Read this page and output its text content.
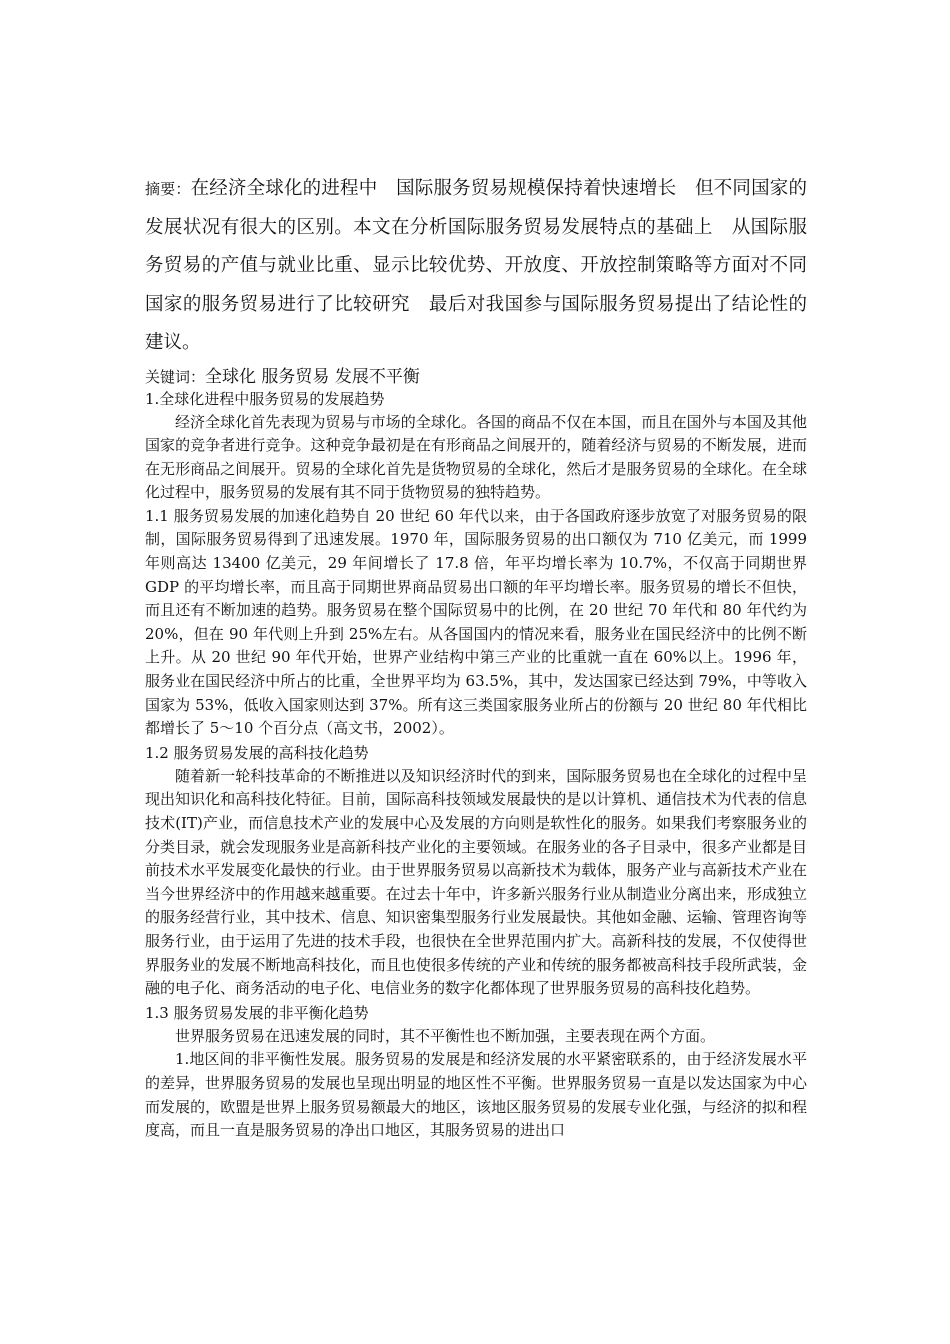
摘要：在经济全球化的进程中　国际服务贸易规模保持着快速增长　但不同国家的发展状况有很大的区别。本文在分析国际服务贸易发展特点的基础上　从国际服务贸易的产值与就业比重、显示比较优势、开放度、开放控制策略等方面对不同国家的服务贸易进行了比较研究　最后对我国参与国际服务贸易提出了结论性的建议。

关键词：全球化 服务贸易 发展不平衡

1.全球化进程中服务贸易的发展趋势

经济全球化首先表现为贸易与市场的全球化。各国的商品不仅在本国，而且在国外与本国及其他国家的竞争者进行竞争。这种竞争最初是在有形商品之间展开的，随着经济与贸易的不断发展，进而在无形商品之间展开。贸易的全球化首先是货物贸易的全球化，然后才是服务贸易的全球化。在全球化过程中，服务贸易的发展有其不同于货物贸易的独特趋势。

1.1 服务贸易发展的加速化趋势自 20 世纪 60 年代以来，由于各国政府逐步放宽了对服务贸易的限制，国际服务贸易得到了迅速发展。1970 年，国际服务贸易的出口额仅为 710 亿美元，而 1999 年则高达 13400 亿美元，29 年间增长了 17.8 倍，年平均增长率为 10.7%，不仅高于同期世界 GDP 的平均增长率，而且高于同期世界商品贸易出口额的年平均增长率。服务贸易的增长不但快，而且还有不断加速的趋势。服务贸易在整个国际贸易中的比例，在 20 世纪 70 年代和 80 年代约为 20%，但在 90 年代则上升到 25%左右。从各国国内的情况来看，服务业在国民经济中的比例不断上升。从 20 世纪 90 年代开始，世界产业结构中第三产业的比重就一直在 60%以上。1996 年，服务业在国民经济中所占的比重，全世界平均为 63.5%，其中，发达国家已经达到 79%，中等收入国家为 53%，低收入国家则达到 37%。所有这三类国家服务业所占的份额与 20 世纪 80 年代相比都增长了 5～10 个百分点（高文书，2002）。

1.2 服务贸易发展的高科技化趋势

随着新一轮科技革命的不断推进以及知识经济时代的到来，国际服务贸易也在全球化的过程中呈现出知识化和高科技化特征。目前，国际高科技领域发展最快的是以计算机、通信技术为代表的信息技术(IT)产业，而信息技术产业的发展中心及发展的方向则是软性化的服务。如果我们考察服务业的分类目录，就会发现服务业是高新科技产业化的主要领域。在服务业的各子目录中，很多产业都是目前技术水平发展变化最快的行业。由于世界服务贸易以高新技术为载体，服务产业与高新技术产业在当今世界经济中的作用越来越重要。在过去十年中，许多新兴服务行业从制造业分离出来，形成独立的服务经营行业，其中技术、信息、知识密集型服务行业发展最快。其他如金融、运输、管理咨询等服务行业，由于运用了先进的技术手段，也很快在全世界范围内扩大。高新科技的发展，不仅使得世界服务业的发展不断地高科技化，而且也使很多传统的产业和传统的服务都被高科技手段所武装，金融的电子化、商务活动的电子化、电信业务的数字化都体现了世界服务贸易的高科技化趋势。

1.3 服务贸易发展的非平衡化趋势

世界服务贸易在迅速发展的同时，其不平衡性也不断加强，主要表现在两个方面。

1.地区间的非平衡性发展。服务贸易的发展是和经济发展的水平紧密联系的，由于经济发展水平的差异，世界服务贸易的发展也呈现出明显的地区性不平衡。世界服务贸易一直是以发达国家为中心而发展的，欧盟是世界上服务贸易额最大的地区，该地区服务贸易的发展专业化强，与经济的拟和程度高，而且一直是服务贸易的净出口地区，其服务贸易的进出口
